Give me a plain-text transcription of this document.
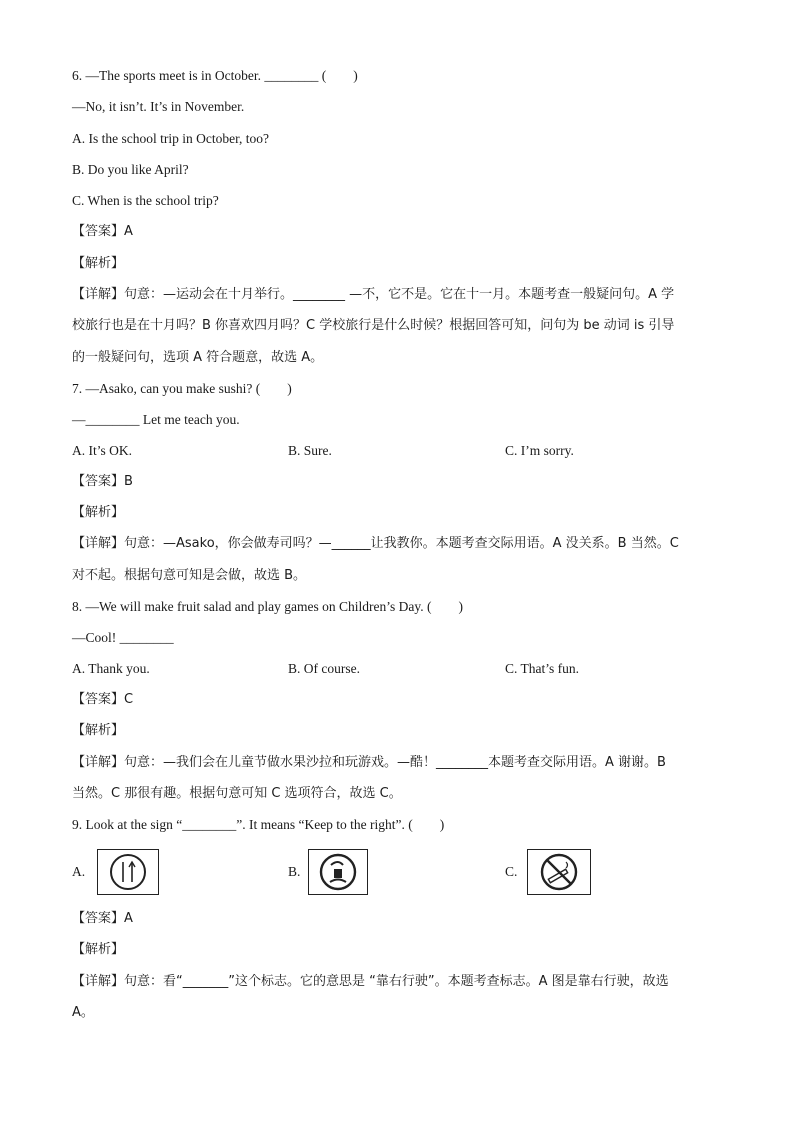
6. —The sports meet is in October. ________ (　　)
—No, it isn’t. It’s in November.
A. Is the school trip in October, too?
B. Do you like April?
C. When is the school trip?
【答案】A
【解析】
【详解】句意：—运动会在十月举行。________ —不，它不是。它在十一月。本题考查一般疑问句。A 学
校旅行也是在十月吗？B 你喜欢四月吗？C 学校旅行是什么时候？根据回答可知，问句为 be 动词 is 引导
的一般疑问句，选项 A 符合题意，故选 A。
7. —Asako, can you make sushi? (　　)
—________ Let me teach you.
A. It’s OK.	B. Sure.	C. I’m sorry.
【答案】B
【解析】
【详解】句意：—Asako，你会做寿司吗？—______让我教你。本题考查交际用语。A 没关系。B 当然。C
对不起。根据句意可知是会做，故选 B。
8. —We will make fruit salad and play games on Children’s Day. (　　)
—Cool! ________
A. Thank you.	B. Of course.	C. That’s fun.
【答案】C
【解析】
【详解】句意：—我们会在儿童节做水果沙拉和玩游戏。—酷！________本题考查交际用语。A 谢谢。B
当然。C 那很有趣。根据句意可知 C 选项符合，故选 C。
9. Look at the sign “________”. It means “Keep to the right”. (　　)
A.	B.	C.
【答案】A
【解析】
【详解】句意：看“_______”这个标志。它的意思是 “靠右行驶”。本题考查标志。A 图是靠右行驶，故选
A。
